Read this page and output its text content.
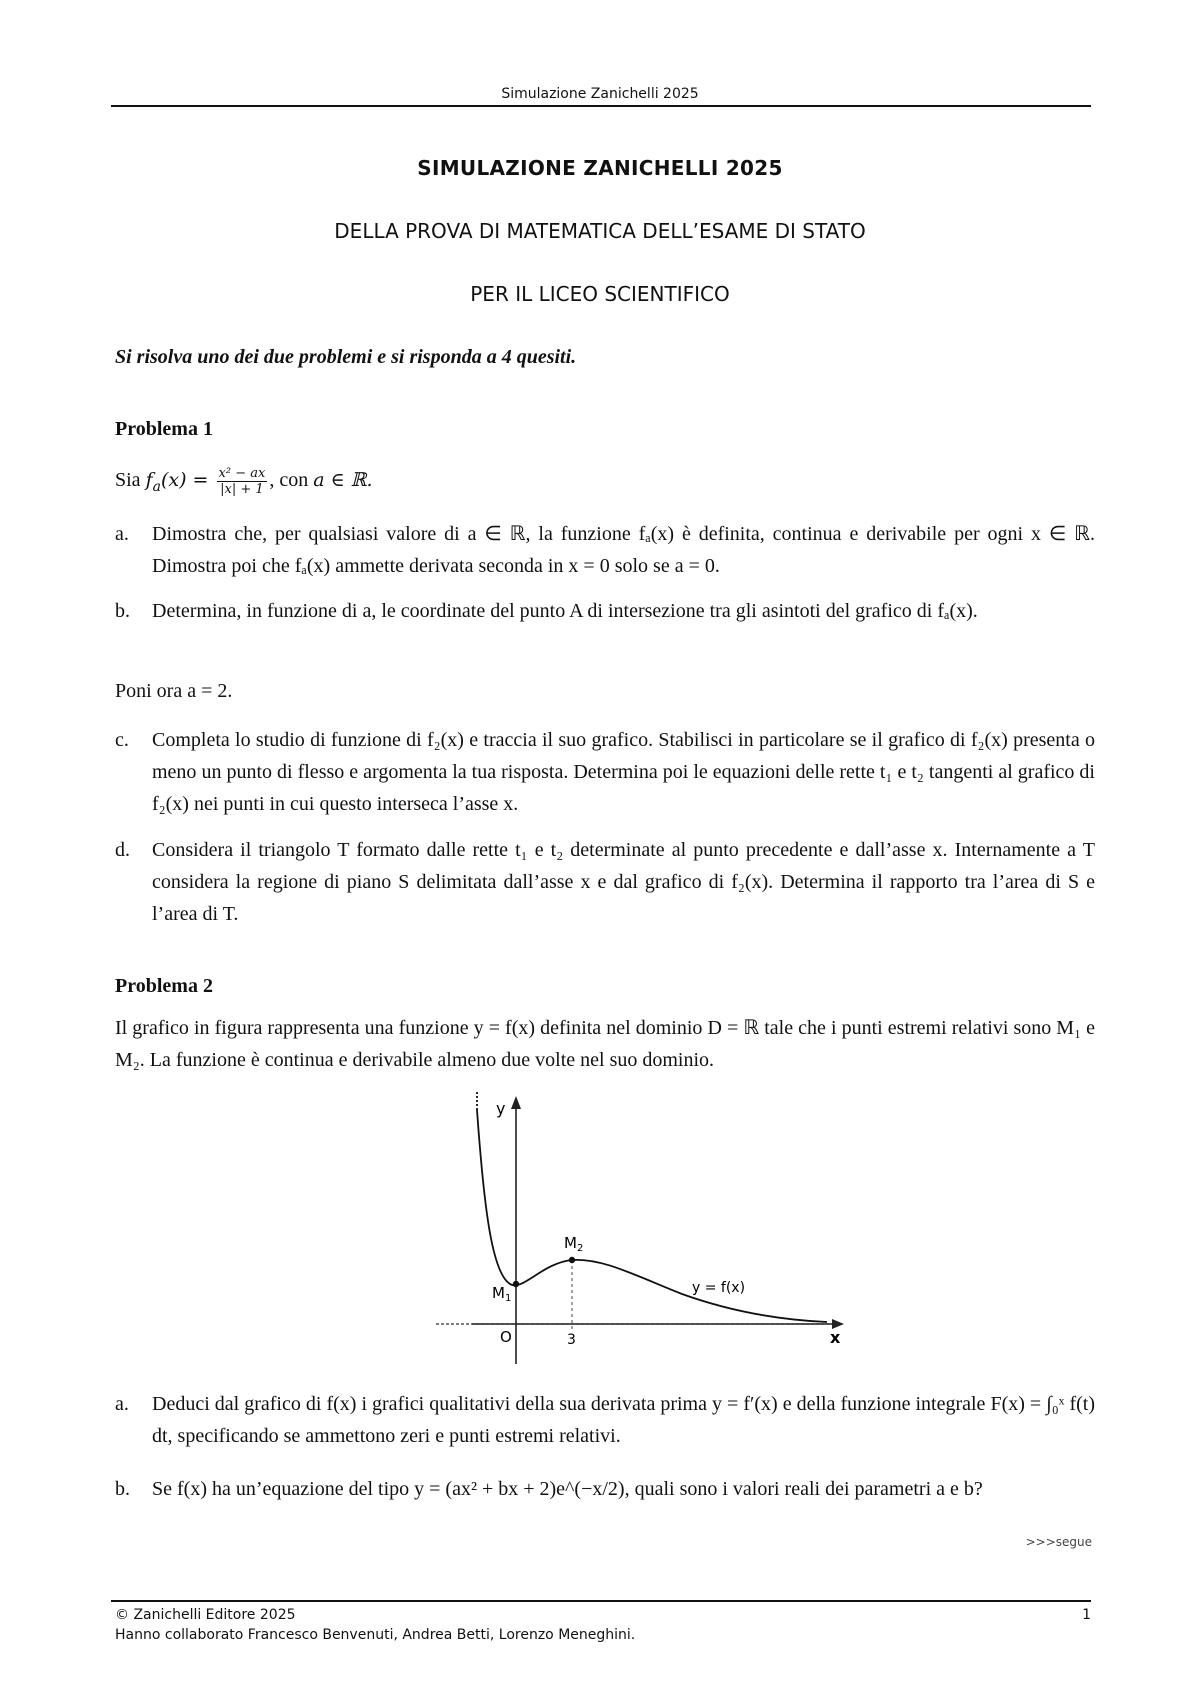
Simulazione Zanichelli 2025
SIMULAZIONE ZANICHELLI 2025
DELLA PROVA DI MATEMATICA DELL’ESAME DI STATO
PER IL LICEO SCIENTIFICO
Si risolva uno dei due problemi e si risponda a 4 quesiti.
Problema 1
Sia $f_a(x) = \frac{\text{x² − ax}}{|x| + 1}$ , con a ∈ ℝ.
a.	Dimostra che, per qualsiasi valore di a ∈ ℝ, la funzione fₐ(x) è definita, continua e derivabile per ogni x ∈ ℝ. Dimostra poi che fₐ(x) ammette derivata seconda in x = 0 solo se a = 0.
b.	Determina, in funzione di a, le coordinate del punto A di intersezione tra gli asintoti del grafico di fₐ(x).
Poni ora a = 2.
c.	Completa lo studio di funzione di f₂(x) e traccia il suo grafico. Stabilisci in particolare se il grafico di f₂(x) presenta o meno un punto di flesso e argomenta la tua risposta. Determina poi le equazioni delle rette t₁ e t₂ tangenti al grafico di f₂(x) nei punti in cui questo interseca l’asse x.
d.	Considera il triangolo T formato dalle rette t₁ e t₂ determinate al punto precedente e dall’asse x. Internamente a T considera la regione di piano S delimitata dall’asse x e dal grafico di f₂(x). Determina il rapporto tra l’area di S e l’area di T.
Problema 2
Il grafico in figura rappresenta una funzione y = f(x) definita nel dominio D = ℝ tale che i punti estremi relativi sono M₁ e M₂. La funzione è continua e derivabile almeno due volte nel suo dominio.
y
x
O	3
$M_1$
$M_2$
y = f(x)
a.	Deduci dal grafico di f(x) i grafici qualitativi della sua derivata prima y = f′(x) e della funzione integrale F(x) = ∫₀ˣ f(t) dt, specificando se ammettono zeri e punti estremi relativi.
b.	Se f(x) ha un’equazione del tipo y = (ax² + bx + 2)e^(−x/2), quali sono i valori reali dei parametri a e b?
>>>segue
© Zanichelli Editore 2025
Hanno collaborato Francesco Benvenuti, Andrea Betti, Lorenzo Meneghini.
1
